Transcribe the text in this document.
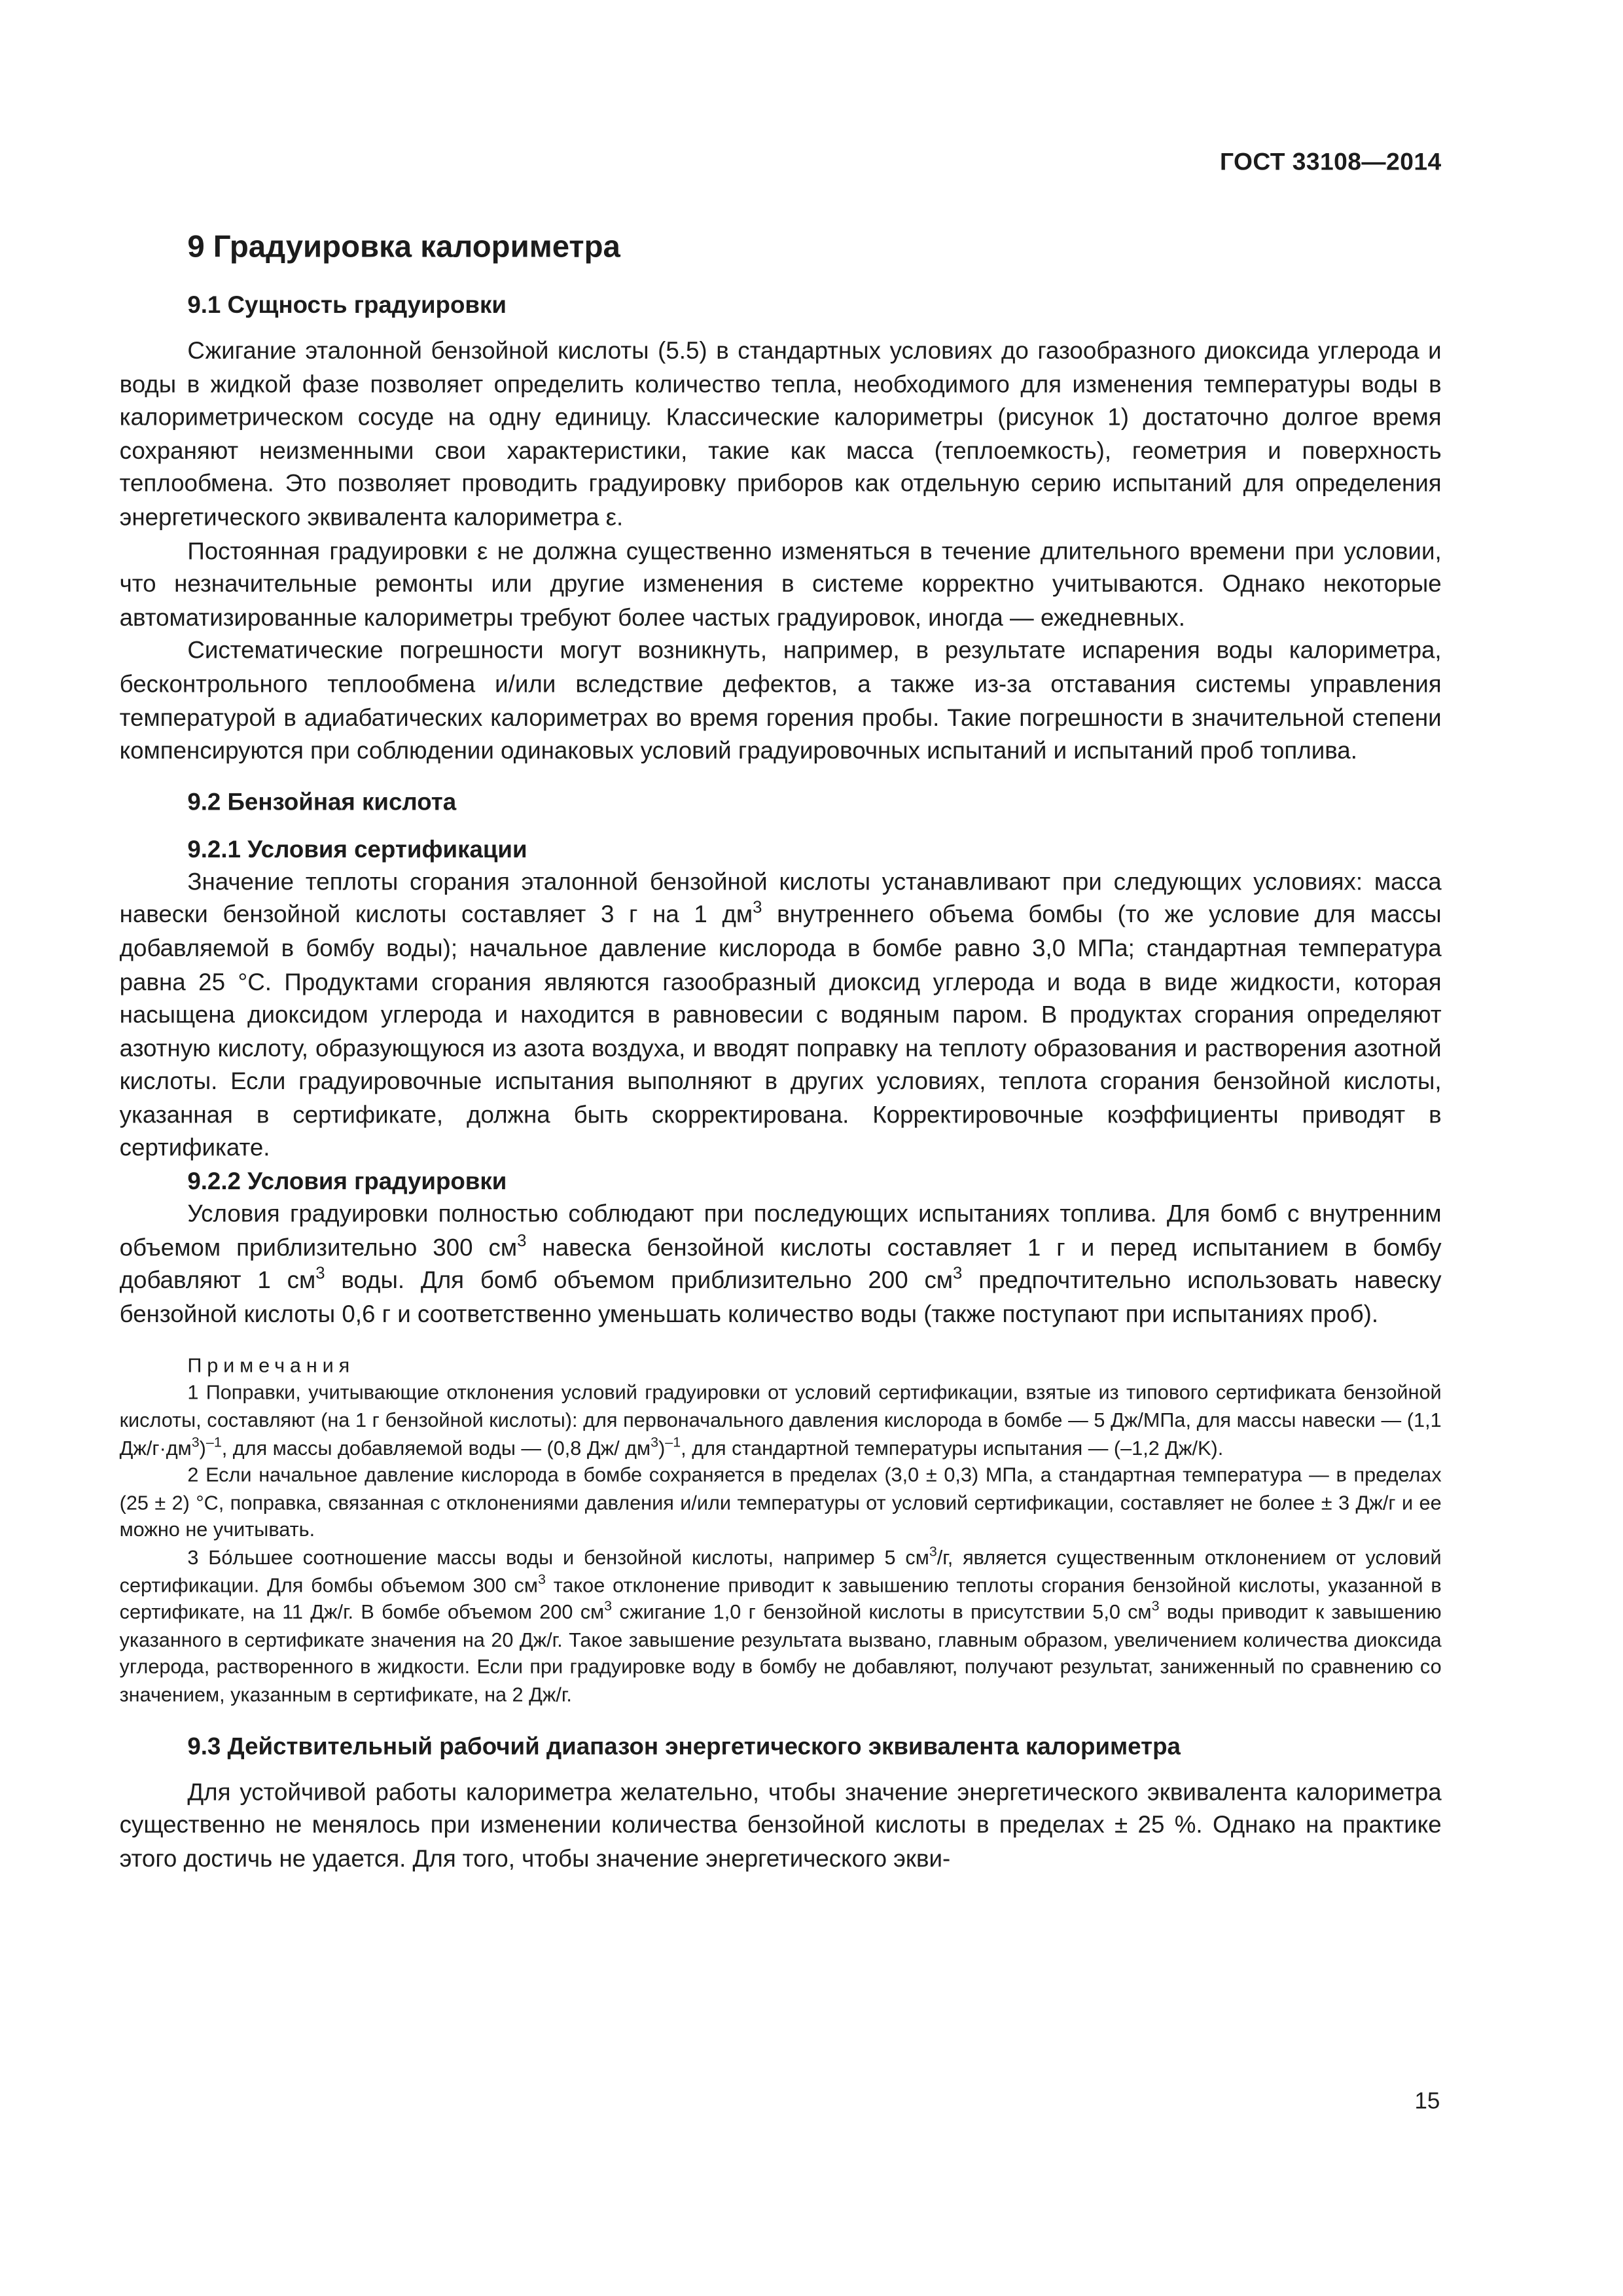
ГОСТ 33108—2014
9 Градуировка калориметра
9.1 Сущность градуировки

Сжигание эталонной бензойной кислоты (5.5) в стандартных условиях до газообразного диоксида углерода и воды в жидкой фазе позволяет определить количество тепла, необходимого для изменения температуры воды в калориметрическом сосуде на одну единицу. Классические калориметры (рисунок 1) достаточно долгое время сохраняют неизменными свои характеристики, такие как масса (теплоемкость), геометрия и поверхность теплообмена. Это позволяет проводить градуировку приборов как отдельную серию испытаний для определения энергетического эквивалента калориметра ε.

Постоянная градуировки ε не должна существенно изменяться в течение длительного времени при условии, что незначительные ремонты или другие изменения в системе корректно учитываются. Однако некоторые автоматизированные калориметры требуют более частых градуировок, иногда — ежедневных.

Систематические погрешности могут возникнуть, например, в результате испарения воды калориметра, бесконтрольного теплообмена и/или вследствие дефектов, а также из-за отставания системы управления температурой в адиабатических калориметрах во время горения пробы. Такие погрешности в значительной степени компенсируются при соблюдении одинаковых условий градуировочных испытаний и испытаний проб топлива.

9.2 Бензойная кислота
9.2.1 Условия сертификации

Значение теплоты сгорания эталонной бензойной кислоты устанавливают при следующих условиях: масса навески бензойной кислоты составляет 3 г на 1 $дм^3$ внутреннего объема бомбы (то же условие для массы добавляемой в бомбу воды); начальное давление кислорода в бомбе равно 3,0 МПа; стандартная температура равна 25 °С. Продуктами сгорания являются газообразный диоксид углерода и вода в виде жидкости, которая насыщена диоксидом углерода и находится в равновесии с водяным паром. В продуктах сгорания определяют азотную кислоту, образующуюся из азота воздуха, и вводят поправку на теплоту образования и растворения азотной кислоты. Если градуировочные испытания выполняют в других условиях, теплота сгорания бензойной кислоты, указанная в сертификате, должна быть скорректирована. Корректировочные коэффициенты приводят в сертификате.

9.2.2 Условия градуировки

Условия градуировки полностью соблюдают при последующих испытаниях топлива. Для бомб с внутренним объемом приблизительно 300 $см^3$ навеска бензойной кислоты составляет 1 г и перед испытанием в бомбу добавляют 1 $см^3$ воды. Для бомб объемом приблизительно 200 $см^3$ предпочтительно использовать навеску бензойной кислоты 0,6 г и соответственно уменьшать количество воды (также поступают при испытаниях проб).

Примечания

1 Поправки, учитывающие отклонения условий градуировки от условий сертификации, взятые из типового сертификата бензойной кислоты, составляют (на 1 г бензойной кислоты): для первоначального давления кислорода в бомбе — 5 Дж/МПа, для массы навески — (1,1 $Дж/г\cdot дм^3)^{-1}$, для массы добавляемой воды — (0,8 Дж/ $дм^3)^{-1}$, для стандартной температуры испытания — (–1,2 Дж/K).

2 Если начальное давление кислорода в бомбе сохраняется в пределах (3,0 ± 0,3) МПа, а стандартная температура — в пределах (25 ± 2) °С, поправка, связанная с отклонениями давления и/или температуры от условий сертификации, составляет не более ± 3 Дж/г и ее можно не учитывать.

3 Бо́льшее соотношение массы воды и бензойной кислоты, например 5 $см^3/г$, является существенным отклонением от условий сертификации. Для бомбы объемом 300 $см^3$ такое отклонение приводит к завышению теплоты сгорания бензойной кислоты, указанной в сертификате, на 11 Дж/г. В бомбе объемом 200 $см^3$ сжигание 1,0 г бензойной кислоты в присутствии 5,0 $см^3$ воды приводит к завышению указанного в сертификате значения на 20 Дж/г. Такое завышение результата вызвано, главным образом, увеличением количества диоксида углерода, растворенного в жидкости. Если при градуировке воду в бомбу не добавляют, получают результат, заниженный по сравнению со значением, указанным в сертификате, на 2 Дж/г.

9.3 Действительный рабочий диапазон энергетического эквивалента калориметра

Для устойчивой работы калориметра желательно, чтобы значение энергетического эквивалента калориметра существенно не менялось при изменении количества бензойной кислоты в пределах ± 25 %. Однако на практике этого достичь не удается. Для того, чтобы значение энергетического экви-

15
